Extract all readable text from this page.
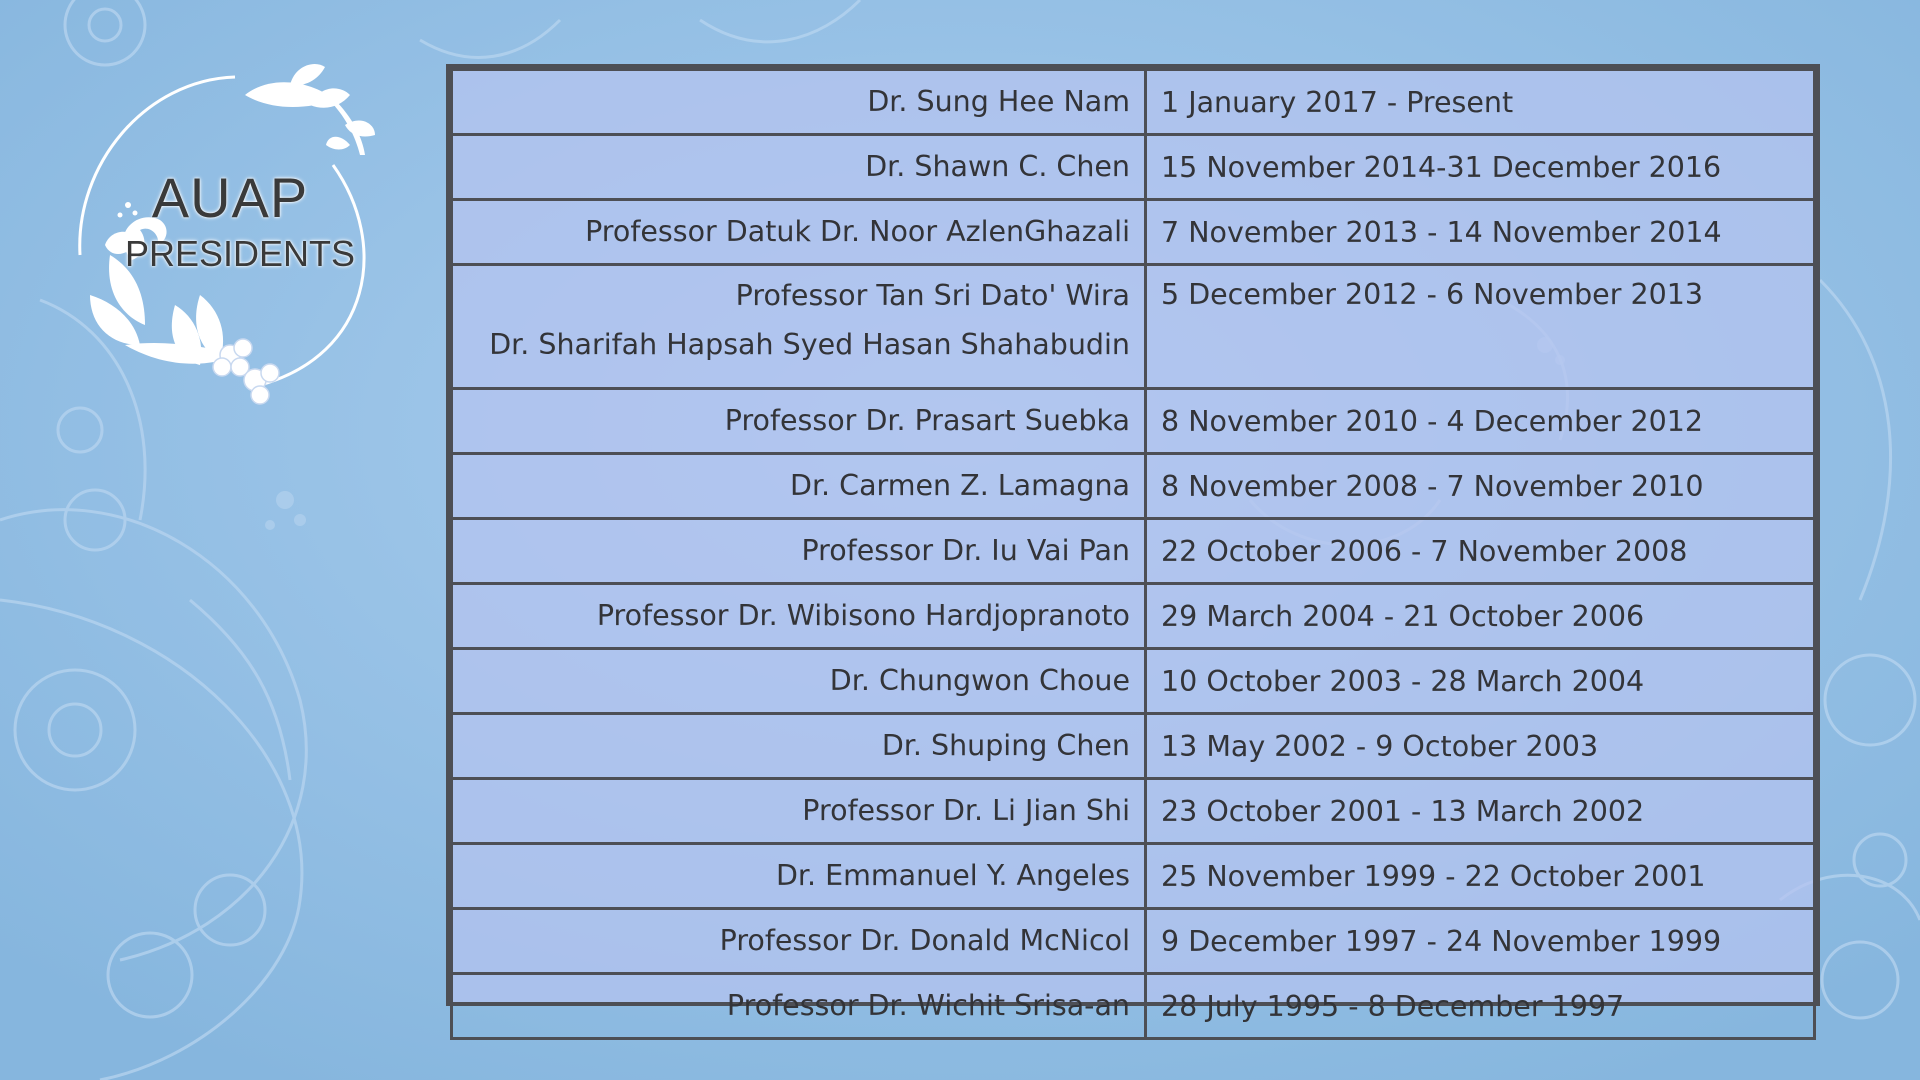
AUAP
PRESIDENTS
Dr. Sung Hee Nam	1 January 2017 - Present

Dr. Shawn C. Chen	15 November 2014-31 December 2016

Professor Datuk Dr. Noor AzlenGhazali	7 November 2013 - 14 November 2014

Professor Tan Sri Dato' Wira
Dr. Sharifah Hapsah Syed Hasan Shahabudin	5 December 2012 - 6 November 2013

Professor Dr. Prasart Suebka	8 November 2010 - 4 December 2012

Dr. Carmen Z. Lamagna	8 November 2008 - 7 November 2010

Professor Dr. Iu Vai Pan	22 October 2006 - 7 November 2008

Professor Dr. Wibisono Hardjopranoto	29 March 2004 - 21 October 2006

Dr. Chungwon Choue	10 October 2003 - 28 March 2004

Dr. Shuping Chen	13 May 2002 - 9 October 2003

Professor Dr. Li Jian Shi	23 October 2001 - 13 March 2002

Dr. Emmanuel Y. Angeles	25 November 1999 - 22 October 2001

Professor Dr. Donald McNicol	9 December 1997 - 24 November 1999

Professor Dr. Wichit Srisa-an	28 July 1995 - 8 December 1997
